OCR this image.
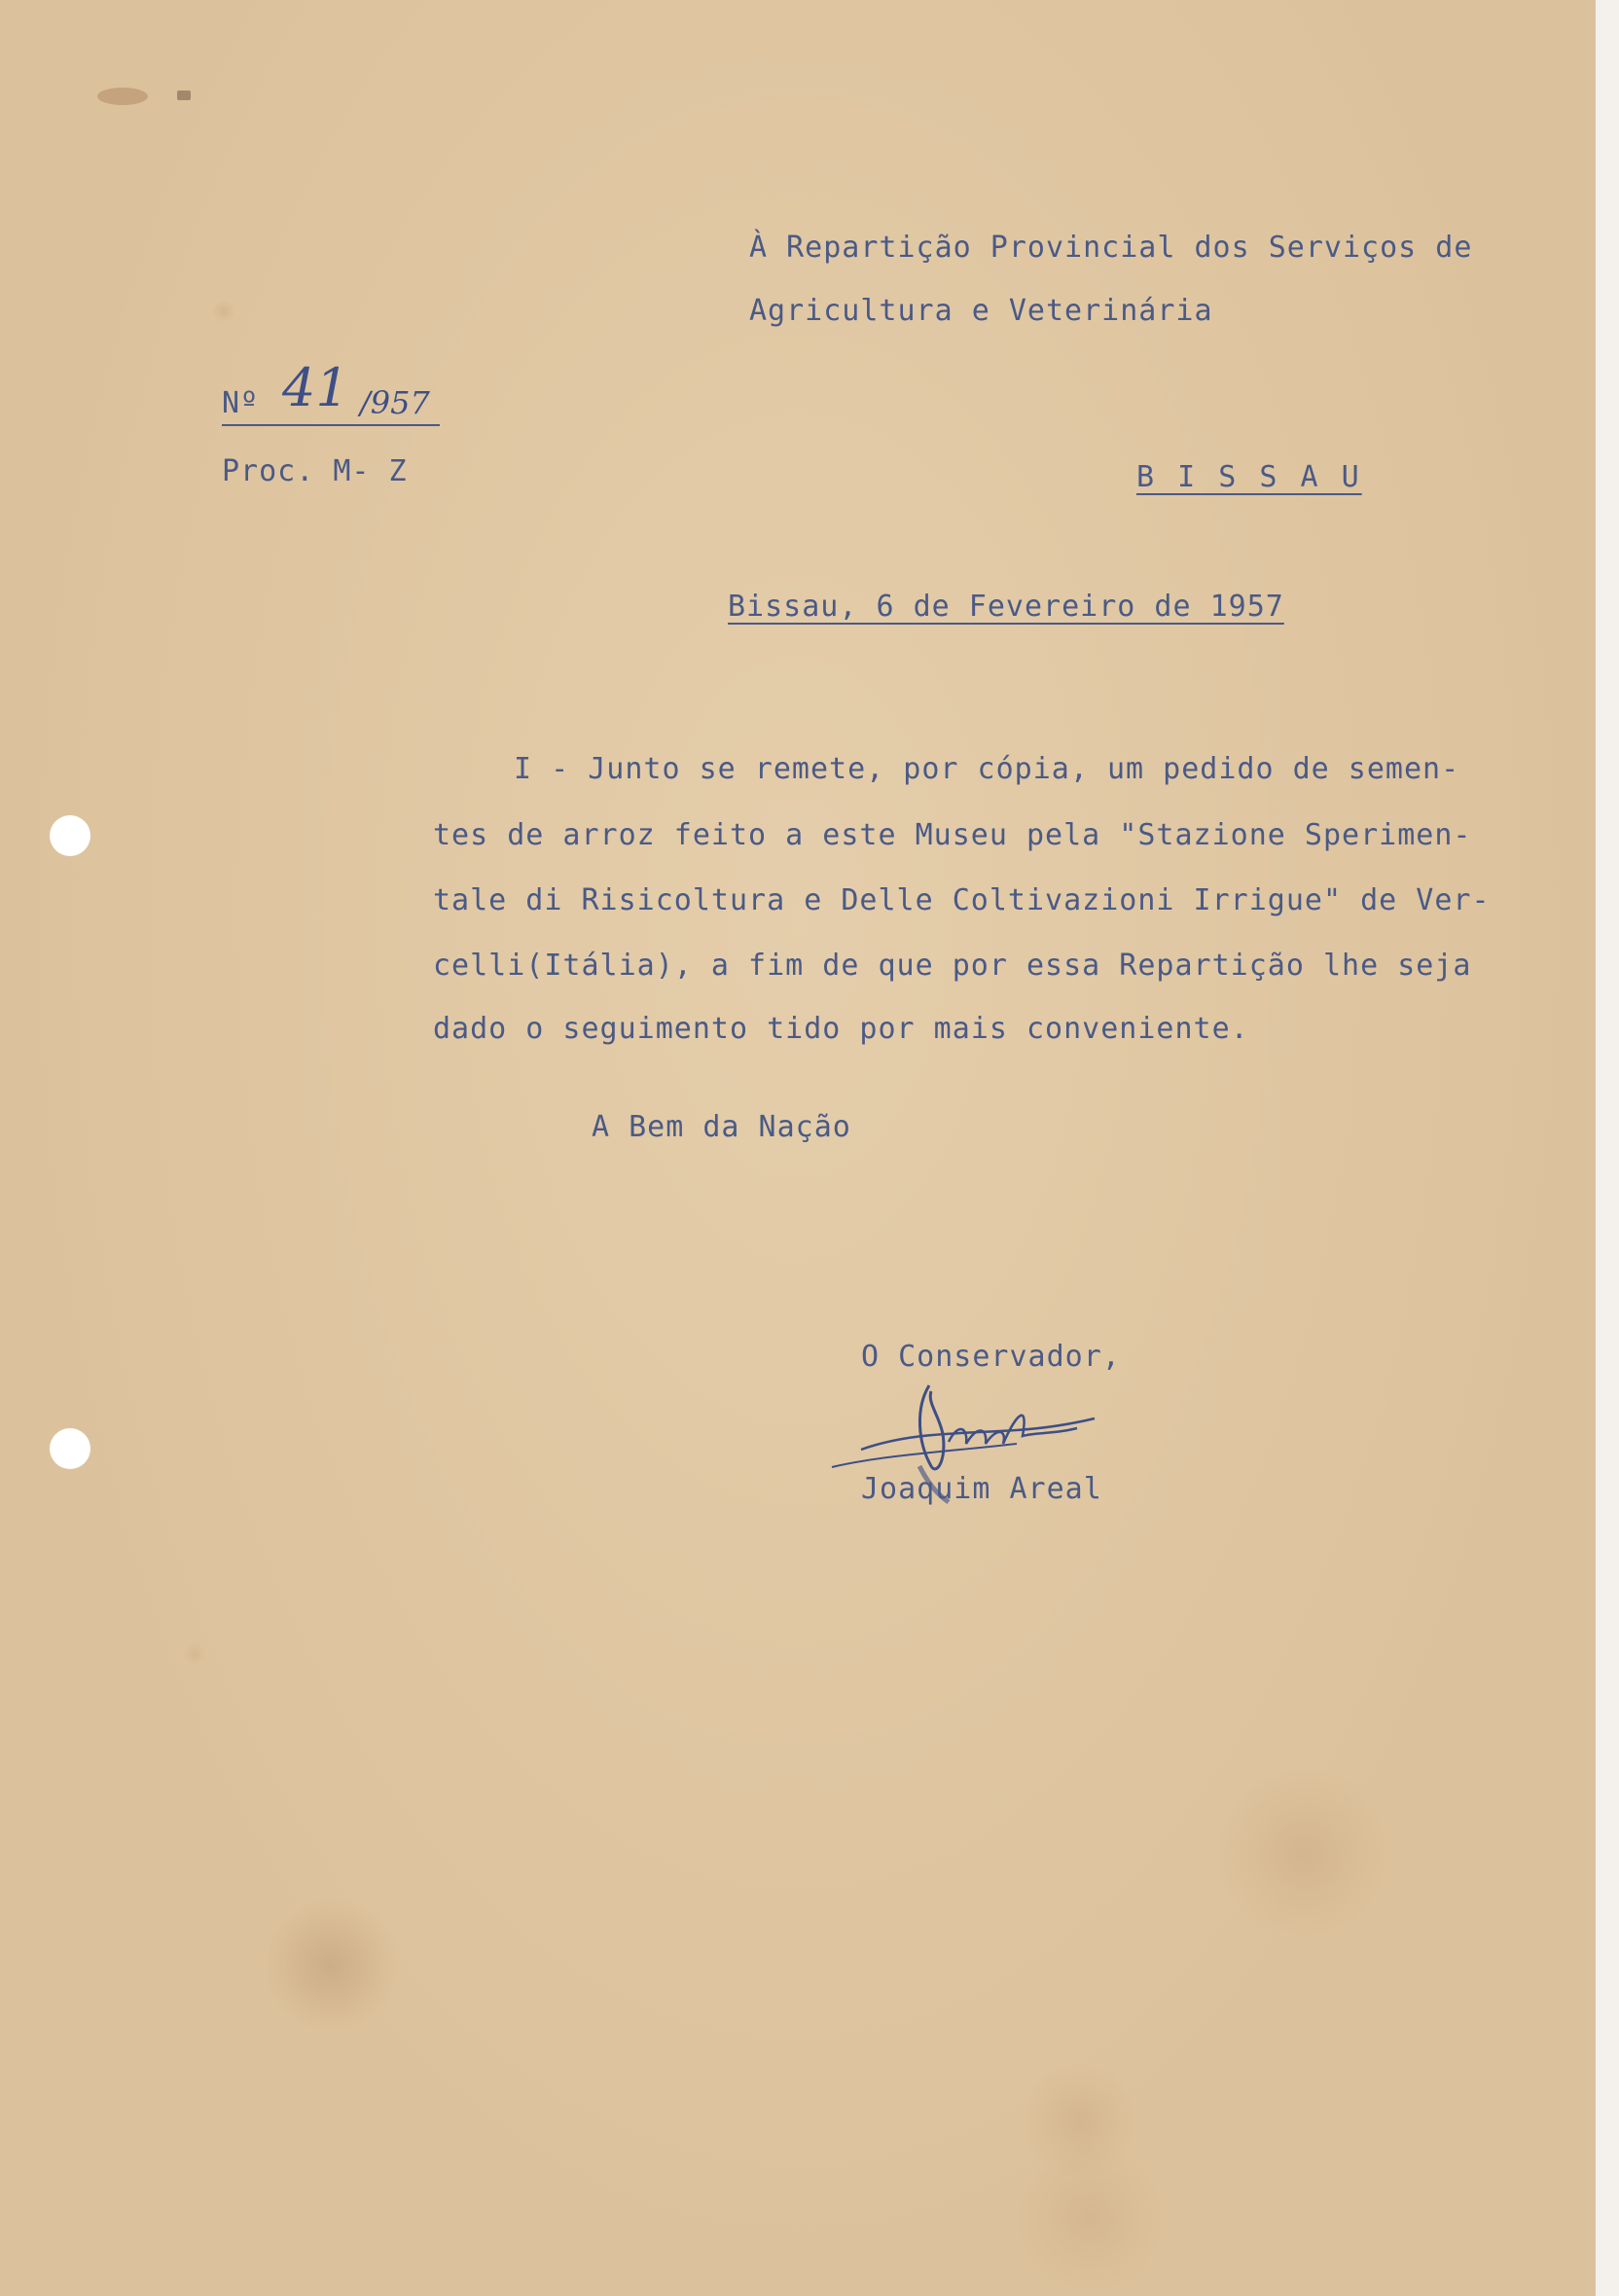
À Repartição Provincial dos Serviços de
Agricultura e Veterinária
Nº 41 /957
Proc. M- Z	B I S S A U
Bissau, 6 de Fevereiro de 1957
I - Junto se remete, por cópia, um pedido de semen-
tes de arroz feito a este Museu pela "Stazione Sperimen-
tale di Risicoltura e Delle Coltivazioni Irrigue" de Ver-
celli(Itália), a fim de que por essa Repartição lhe seja
dado o seguimento tido por mais conveniente.
A Bem da Nação
O Conservador,
Joaquim Areal
